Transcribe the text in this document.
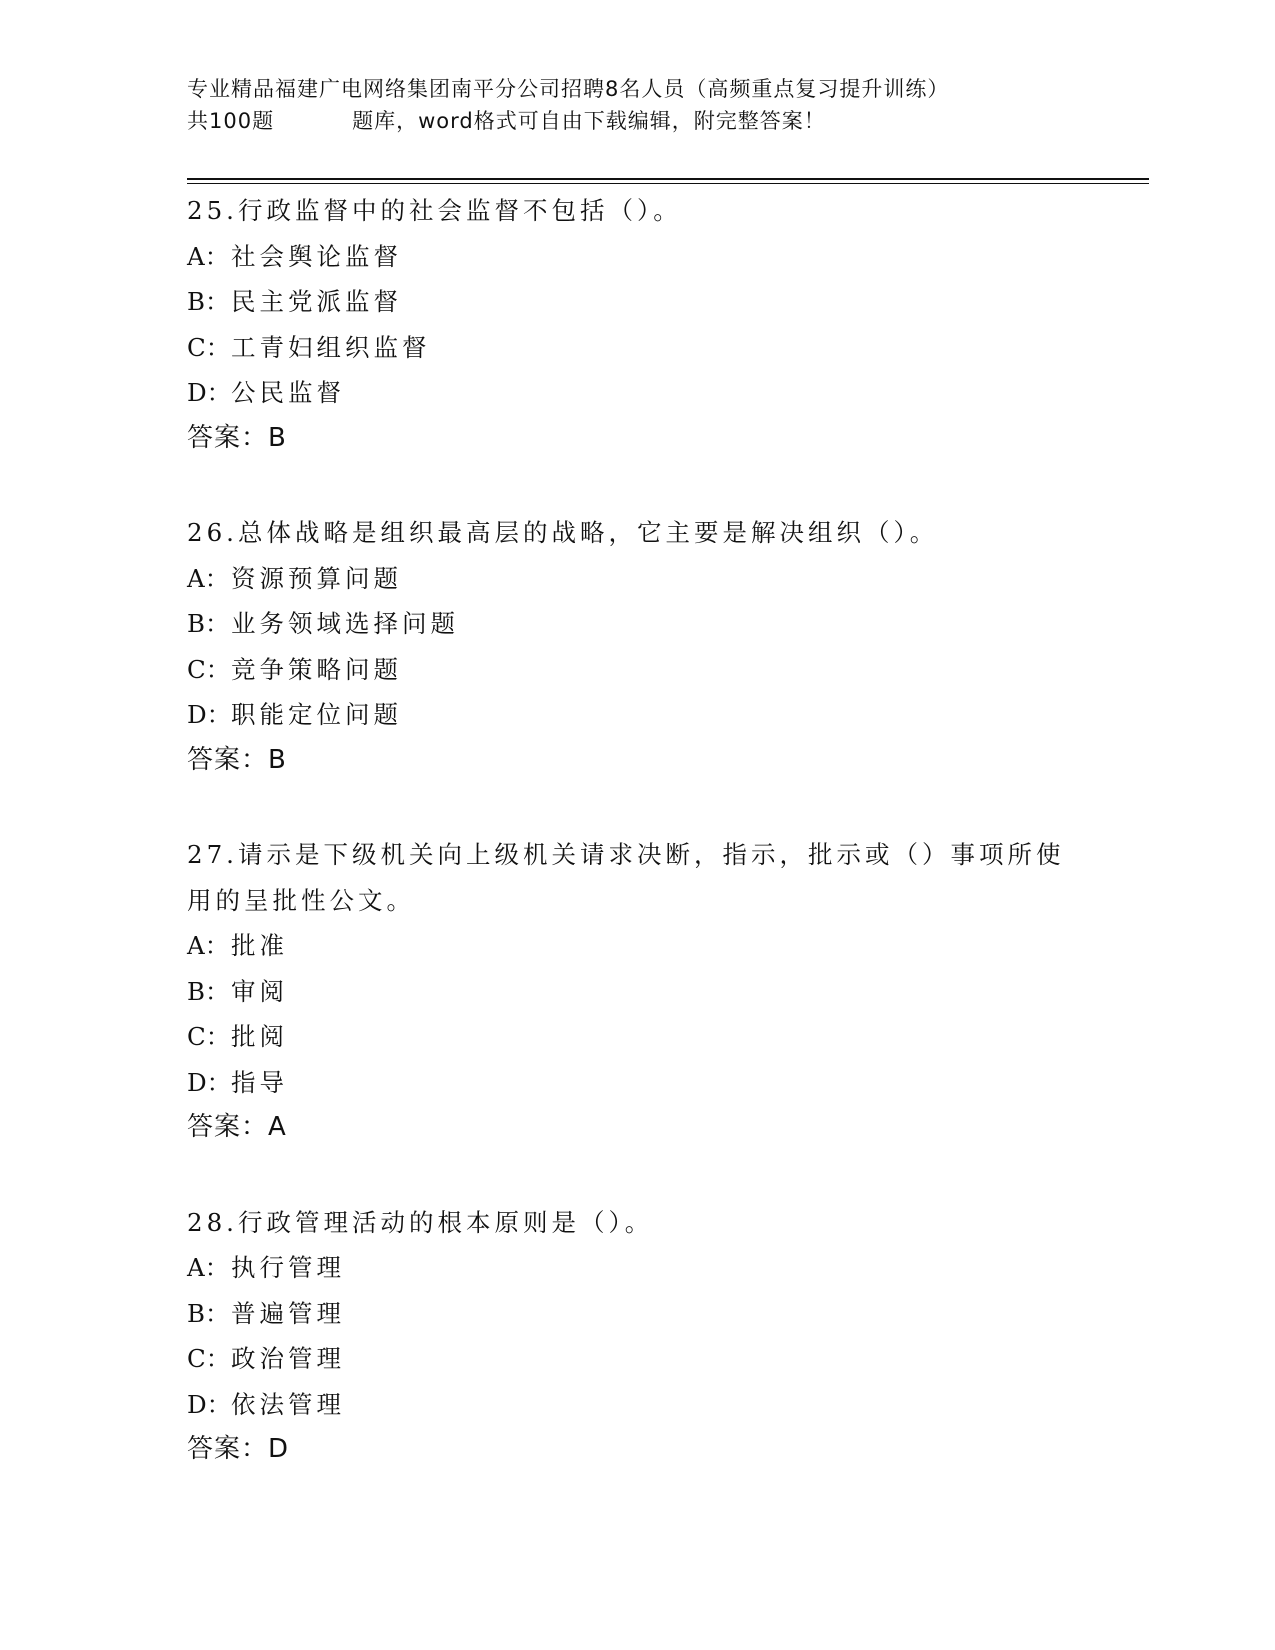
专业精品福建广电网络集团南平分公司招聘8名人员（高频重点复习提升训练）
共100题	题库，word格式可自由下载编辑，附完整答案！
25.行政监督中的社会监督不包括（）。
A：社会舆论监督
B：民主党派监督
C：工青妇组织监督
D：公民监督
答案：B
26.总体战略是组织最高层的战略，它主要是解决组织（）。
A：资源预算问题
B：业务领域选择问题
C：竞争策略问题
D：职能定位问题
答案：B
27.请示是下级机关向上级机关请求决断，指示，批示或（）事项所使
用的呈批性公文。
A：批准
B：审阅
C：批阅
D：指导
答案：A
28.行政管理活动的根本原则是（）。
A：执行管理
B：普遍管理
C：政治管理
D：依法管理
答案：D
